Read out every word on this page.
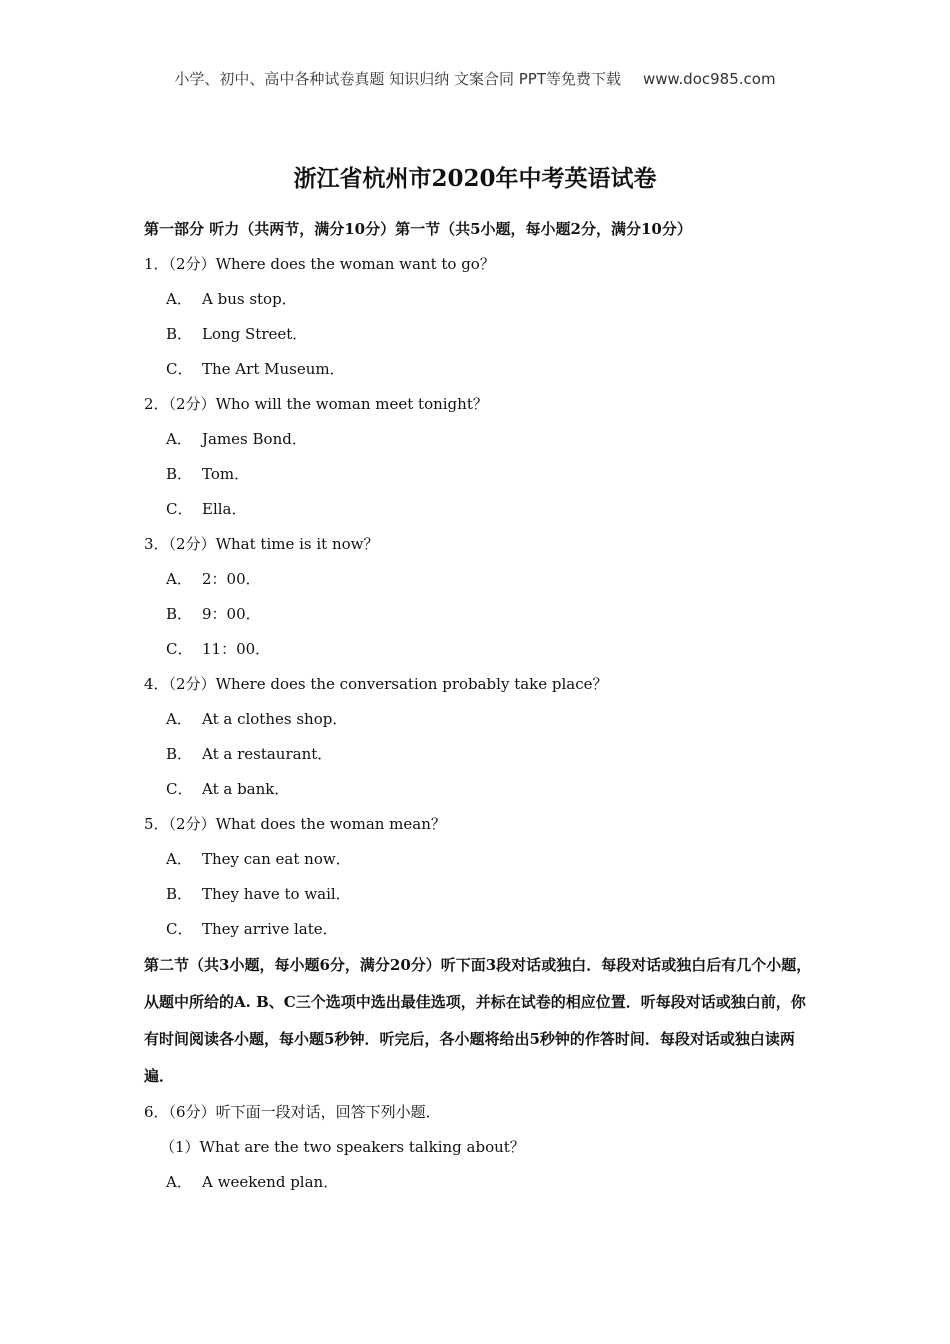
小学、初中、高中各种试卷真题 知识归纳 文案合同 PPT等免费下载 www.doc985.com
浙江省杭州市2020年中考英语试卷
第一部分 听力（共两节，满分10分）第一节（共5小题，每小题2分，满分10分）
1．（2分）Where does the woman want to go？
A． A bus stop．
B． Long Street．
C． The Art Museum．
2．（2分）Who will the woman meet tonight？
A． James Bond．
B． Tom．
C． Ella．
3．（2分）What time is it now？
A． 2：00．
B． 9：00．
C． 11：00．
4．（2分）Where does the conversation probably take place？
A． At a clothes shop．
B． At a restaurant．
C． At a bank．
5．（2分）What does the woman mean？
A． They can eat now．
B． They have to wail．
C． They arrive late．

第二节（共3小题，每小题6分，满分20分）听下面3段对话或独白．每段对话或独白后有几个小题，从题中所给的A. B、C三个选项中选出最佳选项，并标在试卷的相应位置．听每段对话或独白前，你有时间阅读各小题，每小题5秒钟．听完后，各小题将给出5秒钟的作答时间．每段对话或独白读两遍．

6．（6分）听下面一段对话，回答下列小题．
（1）What are the two speakers talking about？
A． A weekend plan．
